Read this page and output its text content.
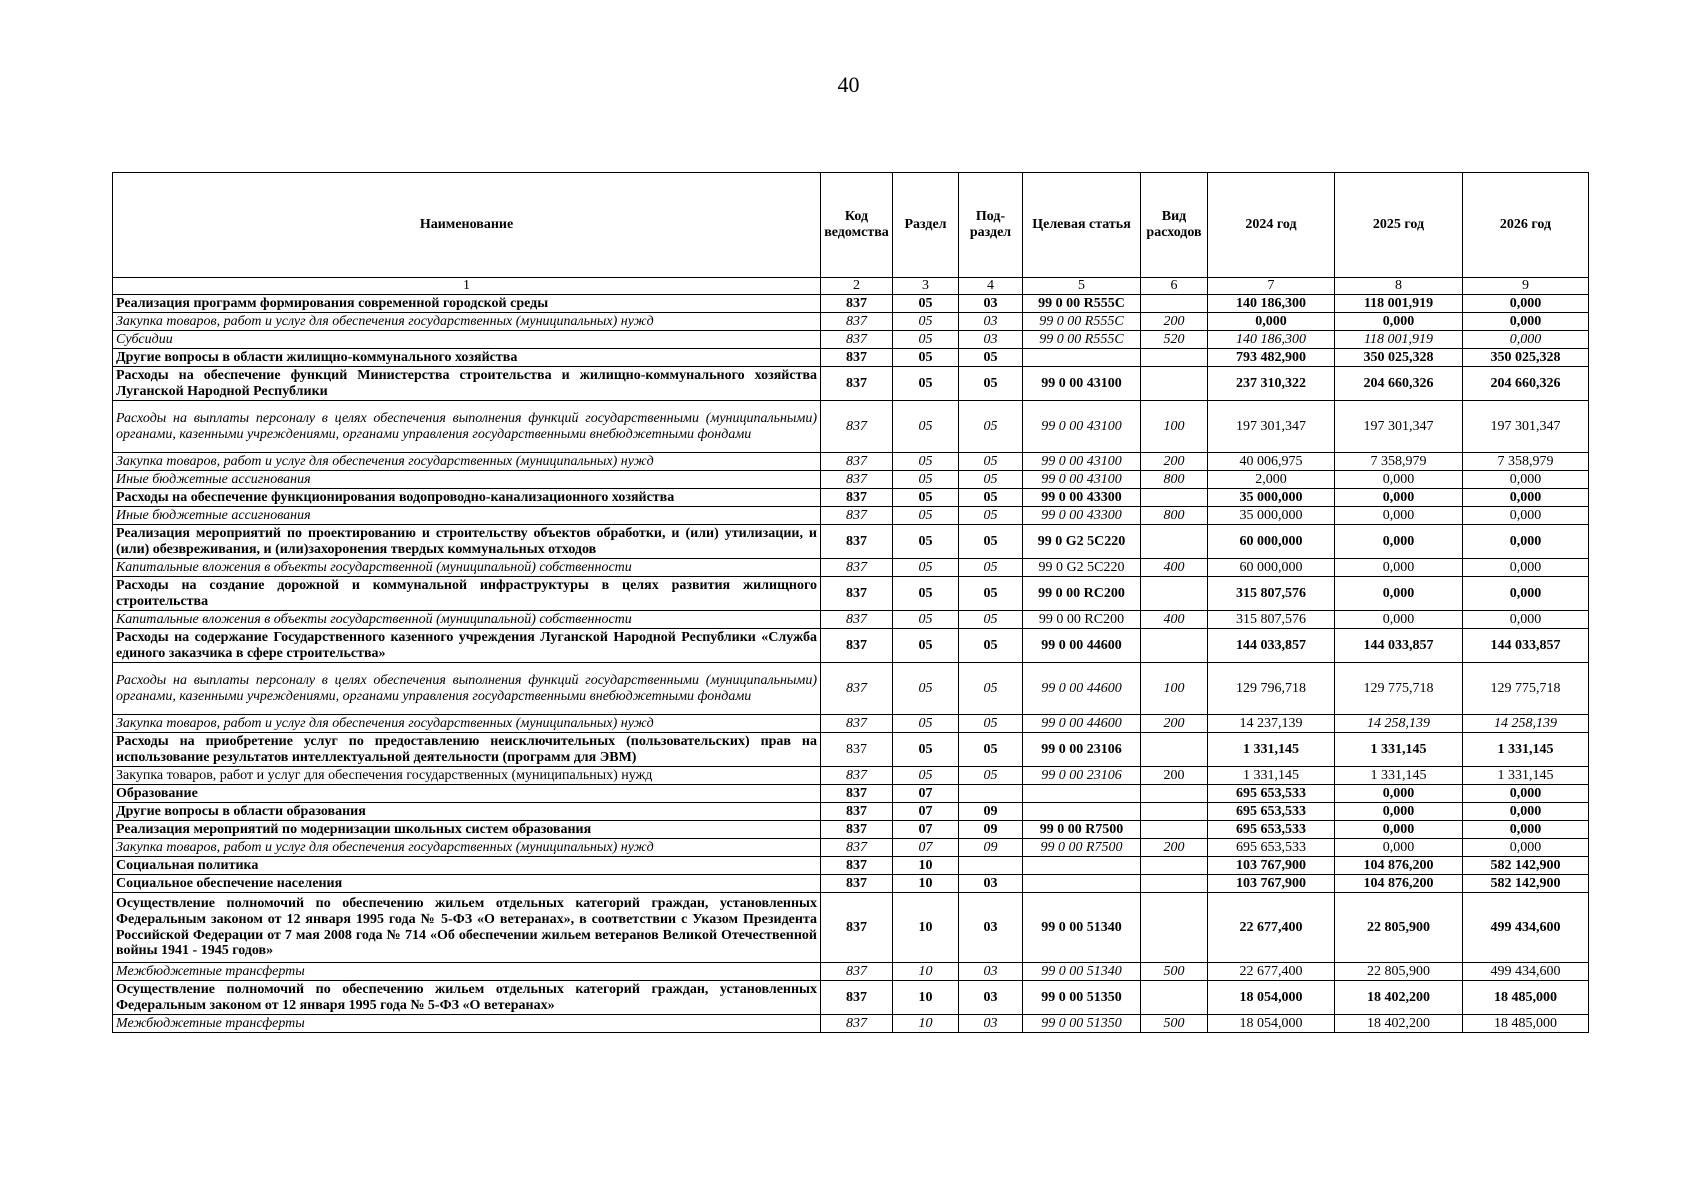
40
Наименование	Код ведомства	Раздел	Под-раздел	Целевая статья	Вид расходов	2024 год	2025 год	2026 год
1	2	3	4	5	6	7	8	9
Реализация программ формирования современной городской среды	837	05	03	99 0 00 R555C		140 186,300	118 001,919	0,000
Закупка товаров, работ и услуг для обеспечения государственных (муниципальных) нужд	837	05	03	99 0 00 R555C	200	0,000	0,000	0,000
Субсидии	837	05	03	99 0 00 R555C	520	140 186,300	118 001,919	0,000
Другие вопросы в области жилищно-коммунального хозяйства	837	05	05			793 482,900	350 025,328	350 025,328
Расходы на обеспечение функций Министерства строительства и жилищно-коммунального хозяйства Луганской Народной Республики	837	05	05	99 0 00 43100		237 310,322	204 660,326	204 660,326
Расходы на выплаты персоналу в целях обеспечения выполнения функций государственными (муниципальными) органами, казенными учреждениями, органами управления государственными внебюджетными фондами	837	05	05	99 0 00 43100	100	197 301,347	197 301,347	197 301,347
Закупка товаров, работ и услуг для обеспечения государственных (муниципальных) нужд	837	05	05	99 0 00 43100	200	40 006,975	7 358,979	7 358,979
Иные бюджетные ассигнования	837	05	05	99 0 00 43100	800	2,000	0,000	0,000
Расходы на обеспечение функционирования водопроводно-канализационного хозяйства	837	05	05	99 0 00 43300		35 000,000	0,000	0,000
Иные бюджетные ассигнования	837	05	05	99 0 00 43300	800	35 000,000	0,000	0,000
Реализация мероприятий по проектированию и строительству объектов обработки, и (или) утилизации, и (или) обезвреживания, и (или)захоронения твердых коммунальных отходов	837	05	05	99 0 G2 5C220		60 000,000	0,000	0,000
Капитальные вложения в объекты государственной (муниципальной) собственности	837	05	05	99 0 G2 5C220	400	60 000,000	0,000	0,000
Расходы на создание дорожной и коммунальной инфраструктуры в целях развития жилищного строительства	837	05	05	99 0 00 RC200		315 807,576	0,000	0,000
Капитальные вложения в объекты государственной (муниципальной) собственности	837	05	05	99 0 00 RC200	400	315 807,576	0,000	0,000
Расходы на содержание Государственного казенного учреждения Луганской Народной Республики «Служба единого заказчика в сфере строительства»	837	05	05	99 0 00 44600		144 033,857	144 033,857	144 033,857
Расходы на выплаты персоналу в целях обеспечения выполнения функций государственными (муниципальными) органами, казенными учреждениями, органами управления государственными внебюджетными фондами	837	05	05	99 0 00 44600	100	129 796,718	129 775,718	129 775,718
Закупка товаров, работ и услуг для обеспечения государственных (муниципальных) нужд	837	05	05	99 0 00 44600	200	14 237,139	14 258,139	14 258,139
Расходы на приобретение услуг по предоставлению неисключительных (пользовательских) прав на использование результатов интеллектуальной деятельности (программ для ЭВМ)	837	05	05	99 0 00 23106		1 331,145	1 331,145	1 331,145
Закупка товаров, работ и услуг для обеспечения государственных (муниципальных) нужд	837	05	05	99 0 00 23106	200	1 331,145	1 331,145	1 331,145
Образование	837	07				695 653,533	0,000	0,000
Другие вопросы в области образования	837	07	09			695 653,533	0,000	0,000
Реализация мероприятий по модернизации школьных систем образования	837	07	09	99 0 00 R7500		695 653,533	0,000	0,000
Закупка товаров, работ и услуг для обеспечения государственных (муниципальных) нужд	837	07	09	99 0 00 R7500	200	695 653,533	0,000	0,000
Социальная политика	837	10				103 767,900	104 876,200	582 142,900
Социальное обеспечение населения	837	10	03			103 767,900	104 876,200	582 142,900
Осуществление полномочий по обеспечению жильем отдельных категорий граждан, установленных Федеральным законом от 12 января 1995 года № 5-ФЗ «О ветеранах», в соответствии с Указом Президента Российской Федерации от 7 мая 2008 года № 714 «Об обеспечении жильем ветеранов Великой Отечественной войны 1941 - 1945 годов»	837	10	03	99 0 00 51340		22 677,400	22 805,900	499 434,600
Межбюджетные трансферты	837	10	03	99 0 00 51340	500	22 677,400	22 805,900	499 434,600
Осуществление полномочий по обеспечению жильем отдельных категорий граждан, установленных Федеральным законом от 12 января 1995 года № 5-ФЗ «О ветеранах»	837	10	03	99 0 00 51350		18 054,000	18 402,200	18 485,000
Межбюджетные трансферты	837	10	03	99 0 00 51350	500	18 054,000	18 402,200	18 485,000
